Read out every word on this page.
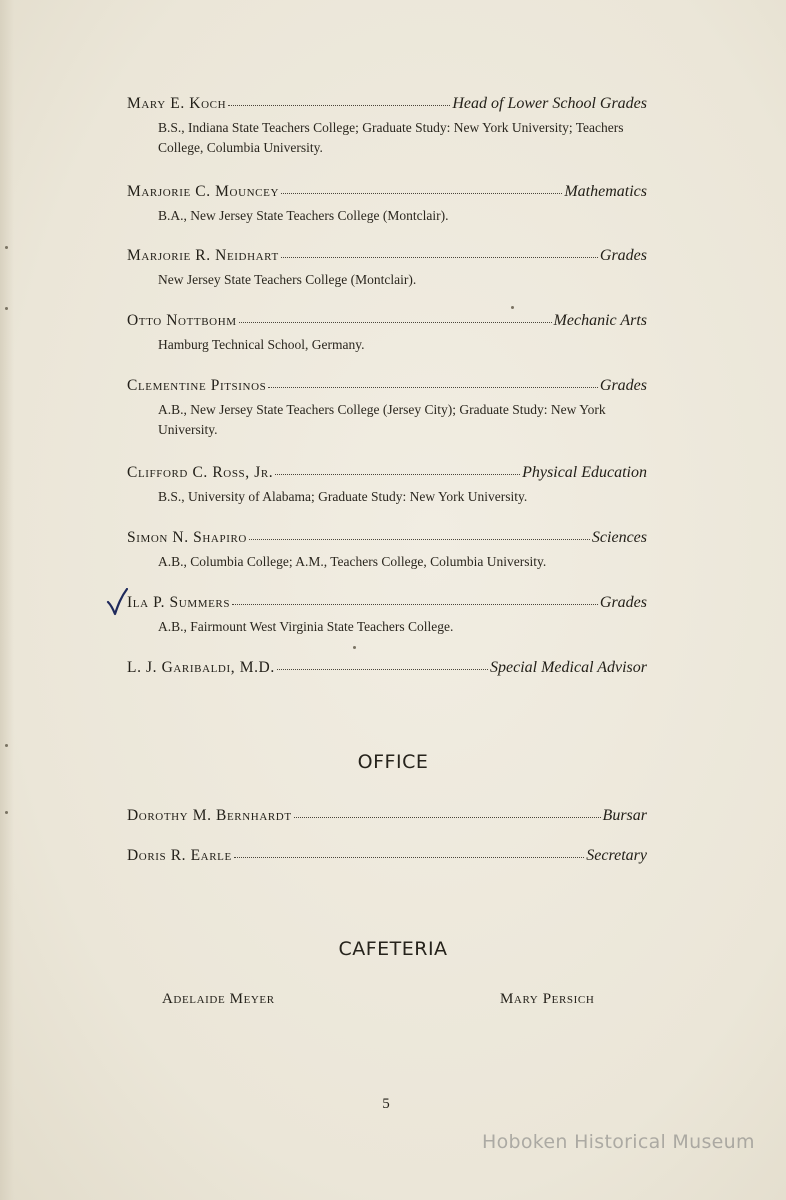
Mary E. Koch	Head of Lower School Grades
B.S., Indiana State Teachers College; Graduate Study: New York University; Teachers College, Columbia University.
Marjorie C. Mouncey	Mathematics
B.A., New Jersey State Teachers College (Montclair).
Marjorie R. Neidhart	Grades
New Jersey State Teachers College (Montclair).
Otto Nottbohm	Mechanic Arts
Hamburg Technical School, Germany.
Clementine Pitsinos	Grades
A.B., New Jersey State Teachers College (Jersey City); Graduate Study: New York University.
Clifford C. Ross, Jr.	Physical Education
B.S., University of Alabama; Graduate Study: New York University.
Simon N. Shapiro	Sciences
A.B., Columbia College; A.M., Teachers College, Columbia University.
Ila P. Summers	Grades
A.B., Fairmount West Virginia State Teachers College.
L. J. Garibaldi, M.D.	Special Medical Advisor
OFFICE
Dorothy M. Bernhardt	Bursar
Doris R. Earle	Secretary
CAFETERIA
Adelaide Meyer	Mary Persich
5
Hoboken Historical Museum
